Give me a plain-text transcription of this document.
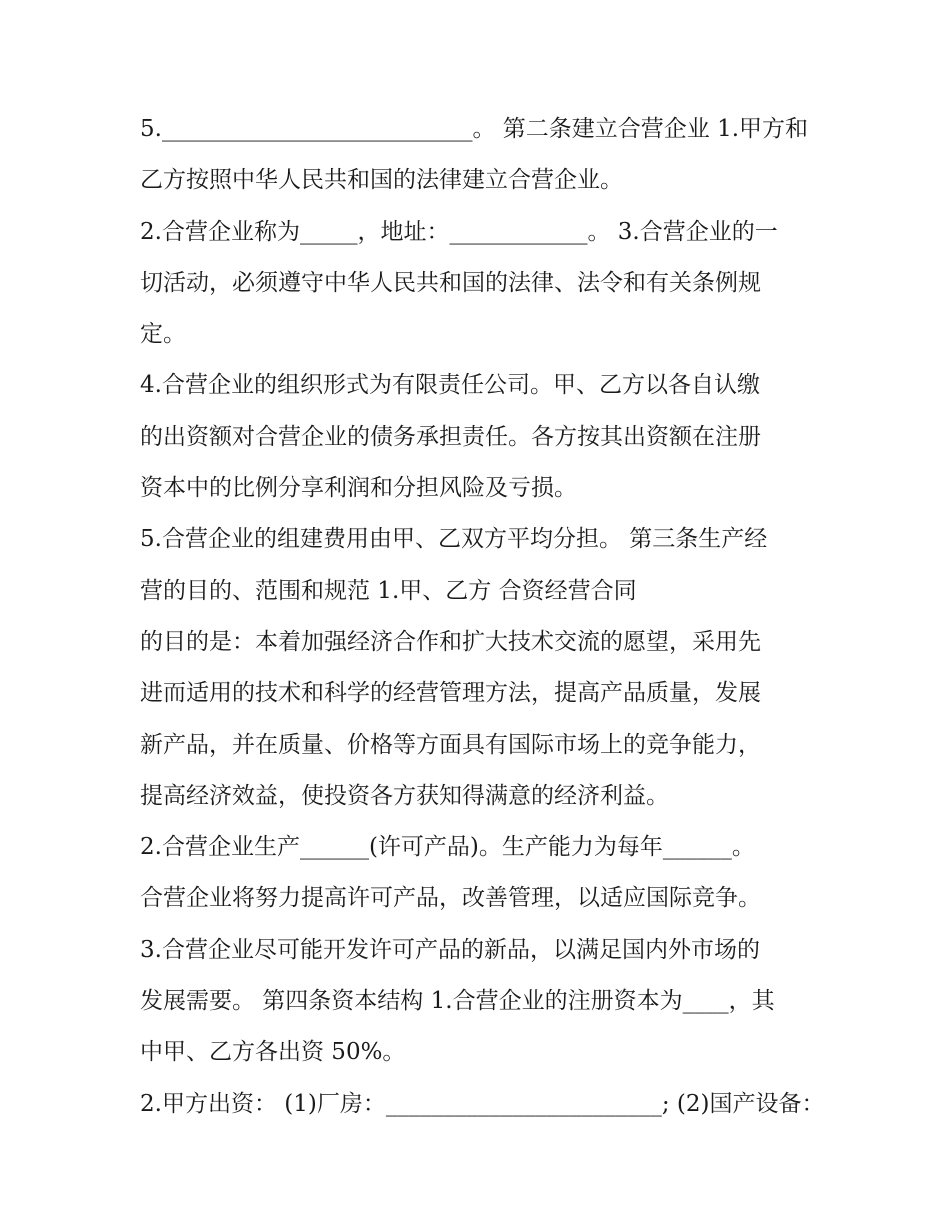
5.___________________________。 第二条建立合营企业 1.甲方和
乙方按照中华人民共和国的法律建立合营企业。
2.合营企业称为_____，地址：____________。 3.合营企业的一
切活动，必须遵守中华人民共和国的法律、法令和有关条例规
定。
4.合营企业的组织形式为有限责任公司。甲、乙方以各自认缴
的出资额对合营企业的债务承担责任。各方按其出资额在注册
资本中的比例分享利润和分担风险及亏损。
5.合营企业的组建费用由甲、乙双方平均分担。 第三条生产经
营的目的、范围和规范 1.甲、乙方 合资经营合同
的目的是：本着加强经济合作和扩大技术交流的愿望，采用先
进而适用的技术和科学的经营管理方法，提高产品质量，发展
新产品，并在质量、价格等方面具有国际市场上的竞争能力，
提高经济效益，使投资各方获知得满意的经济利益。
2.合营企业生产______(许可产品)。生产能力为每年______。
合营企业将努力提高许可产品，改善管理，以适应国际竞争。
3.合营企业尽可能开发许可产品的新品，以满足国内外市场的
发展需要。 第四条资本结构 1.合营企业的注册资本为____，其
中甲、乙方各出资 50%。
2.甲方出资： (1)厂房：________________________; (2)国产设备：
